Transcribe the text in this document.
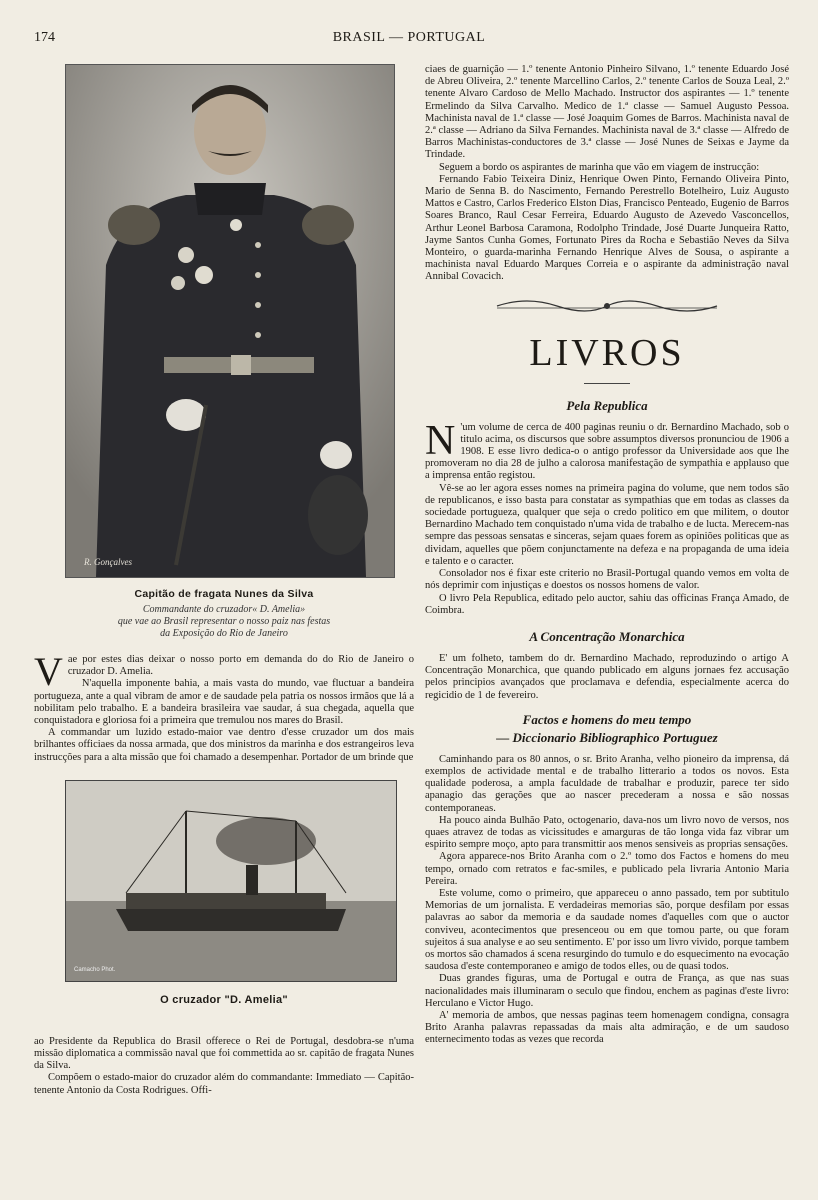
174	BRASIL — PORTUGAL
R. Gonçalves
Capitão de fragata Nunes da Silva
Commandante do cruzador« D. Amelia»
que vae ao Brasil representar o nosso paiz nas festas
da Exposição do Rio de Janeiro
V ae por estes dias deixar o nosso porto em demanda do do Rio de Janeiro o cruzador D. Amelia.

N'aquella imponente bahia, a mais vasta do mundo, vae fluctuar a bandeira portugueza, ante a qual vibram de amor e de saudade pela patria os nossos irmãos que lá a nobilitam pelo trabalho. E a bandeira brasileira vae saudar, á sua chegada, aquella que conquistadora e gloriosa foi a primeira que tremulou nos mares do Brasil.

A commandar um luzido estado-maior vae dentro d'esse cruzador um dos mais brilhantes officiaes da nossa armada, que dos ministros da marinha e dos estrangeiros leva instrucções para a alta missão que foi chamado a desempenhar. Portador de um brinde que

Camacho Phot.
O cruzador "D. Amelia"

ao Presidente da Republica do Brasil offerece o Rei de Portugal, desdobra-se n'uma missão diplomatica a commissão naval que foi commettida ao sr. capitão de fragata Nunes da Silva.

Compõem o estado-maior do cruzador além do commandante: Immediato — Capitão-tenente Antonio da Costa Rodrigues. Offi-

ciaes de guarnição — 1.º tenente Antonio Pinheiro Silvano, 1.º tenente Eduardo José de Abreu Oliveira, 2.º tenente Marcellino Carlos, 2.º tenente Carlos de Souza Leal, 2.º tenente Alvaro Cardoso de Mello Machado. Instructor dos aspirantes — 1.º tenente Ermelindo da Silva Carvalho. Medico de 1.ª classe — Samuel Augusto Pessoa. Machinista naval de 1.ª classe — José Joaquim Gomes de Barros. Machinista naval de 2.ª classe — Adriano da Silva Fernandes. Machinista naval de 3.ª classe — Alfredo de Barros Machinistas-conductores de 3.ª classe — José Nunes de Seixas e Jayme da Trindade.

Seguem a bordo os aspirantes de marinha que vão em viagem de instrucção:

Fernando Fabio Teixeira Diniz, Henrique Owen Pinto, Fernando Oliveira Pinto, Mario de Senna B. do Nascimento, Fernando Perestrello Botelheiro, Luiz Augusto Mattos e Castro, Carlos Frederico Elston Dias, Francisco Penteado, Eugenio de Barros Soares Branco, Raul Cesar Ferreira, Eduardo Augusto de Azevedo Vasconcellos, Arthur Leonel Barbosa Caramona, Rodolpho Trindade, José Duarte Junqueira Ratto, Jayme Santos Cunha Gomes, Fortunato Pires da Rocha e Sebastião Neves da Silva Monteiro, o guarda-marinha Fernando Henrique Alves de Sousa, o aspirante a machinista naval Eduardo Marques Correia e o aspirante da administração naval Annibal Covacich.

LIVROS
Pela Republica
N 'um volume de cerca de 400 paginas reuniu o dr. Bernardino Machado, sob o titulo acima, os discursos que sobre assumptos diversos pronunciou de 1906 a 1908. E esse livro dedica-o o antigo professor da Universidade aos que lhe promoveram no dia 28 de julho a calorosa manifestação de sympathia e applauso que a imprensa então registou.

Vê-se ao ler agora esses nomes na primeira pagina do volume, que nem todos são de republicanos, e isso basta para constatar as sympathias que em todas as classes da sociedade portugueza, qualquer que seja o credo politico em que militem, o doutor Bernardino Machado tem conquistado n'uma vida de trabalho e de lucta. Merecem-nas sempre das pessoas sensatas e sinceras, sejam quaes forem as opiniões politicas que as dividam, aquelles que põem conjunctamente na defeza e na propaganda de uma ideia e talento e o caracter.

Consolador nos é fixar este criterio no Brasil-Portugal quando vemos em volta de nós deprimir com injustiças e doestos os nossos homens de valor.

O livro Pela Republica, editado pelo auctor, sahiu das officinas França Amado, de Coimbra.

A Concentração Monarchica

E' um folheto, tambem do dr. Bernardino Machado, reproduzindo o artigo A Concentração Monarchica, que quando publicado em alguns jornaes fez accusação pelos principios avançados que proclamava e defendia, especialmente acerca do regicidio de 1 de fevereiro.

Factos e homens do meu tempo
— Diccionario Bibliographico Portuguez

Caminhando para os 80 annos, o sr. Brito Aranha, velho pioneiro da imprensa, dá exemplos de actividade mental e de trabalho litterario a todos os novos. Esta qualidade poderosa, a ampla faculdade de trabalhar e produzir, parece ter sido apanagio das gerações que ao nascer precederam a nossa e são nossas contemporaneas.

Ha pouco ainda Bulhão Pato, octogenario, dava-nos um livro novo de versos, nos quaes atravez de todas as vicissitudes e amarguras de tão longa vida faz vibrar um espirito sempre moço, apto para transmittir aos menos sensiveis as proprias sensações.

Agora apparece-nos Brito Aranha com o 2.º tomo dos Factos e homens do meu tempo, ornado com retratos e fac-smiles, e publicado pela livraria Antonio Maria Pereira.

Este volume, como o primeiro, que appareceu o anno passado, tem por subtitulo Memorias de um jornalista. E verdadeiras memorias são, porque desfilam por essas palavras ao sabor da memoria e da saudade nomes d'aquelles com que o auctor conviveu, acontecimentos que presenceou ou em que tomou parte, ou que foram sujeitos á sua analyse e ao seu sentimento. E' por isso um livro vivido, porque tambem os mortos são chamados á scena resurgindo do tumulo e do esquecimento na evocação saudosa d'este contemporaneo e amigo de todos elles, ou de quasi todos.

Duas grandes figuras, uma de Portugal e outra de França, as que nas suas nacionalidades mais illuminaram o seculo que findou, enchem as paginas d'este livro: Herculano e Victor Hugo.

A' memoria de ambos, que nessas paginas teem homenagem condigna, consagra Brito Aranha palavras repassadas da mais alta admiração, e de um saudoso enternecimento todas as vezes que recorda
